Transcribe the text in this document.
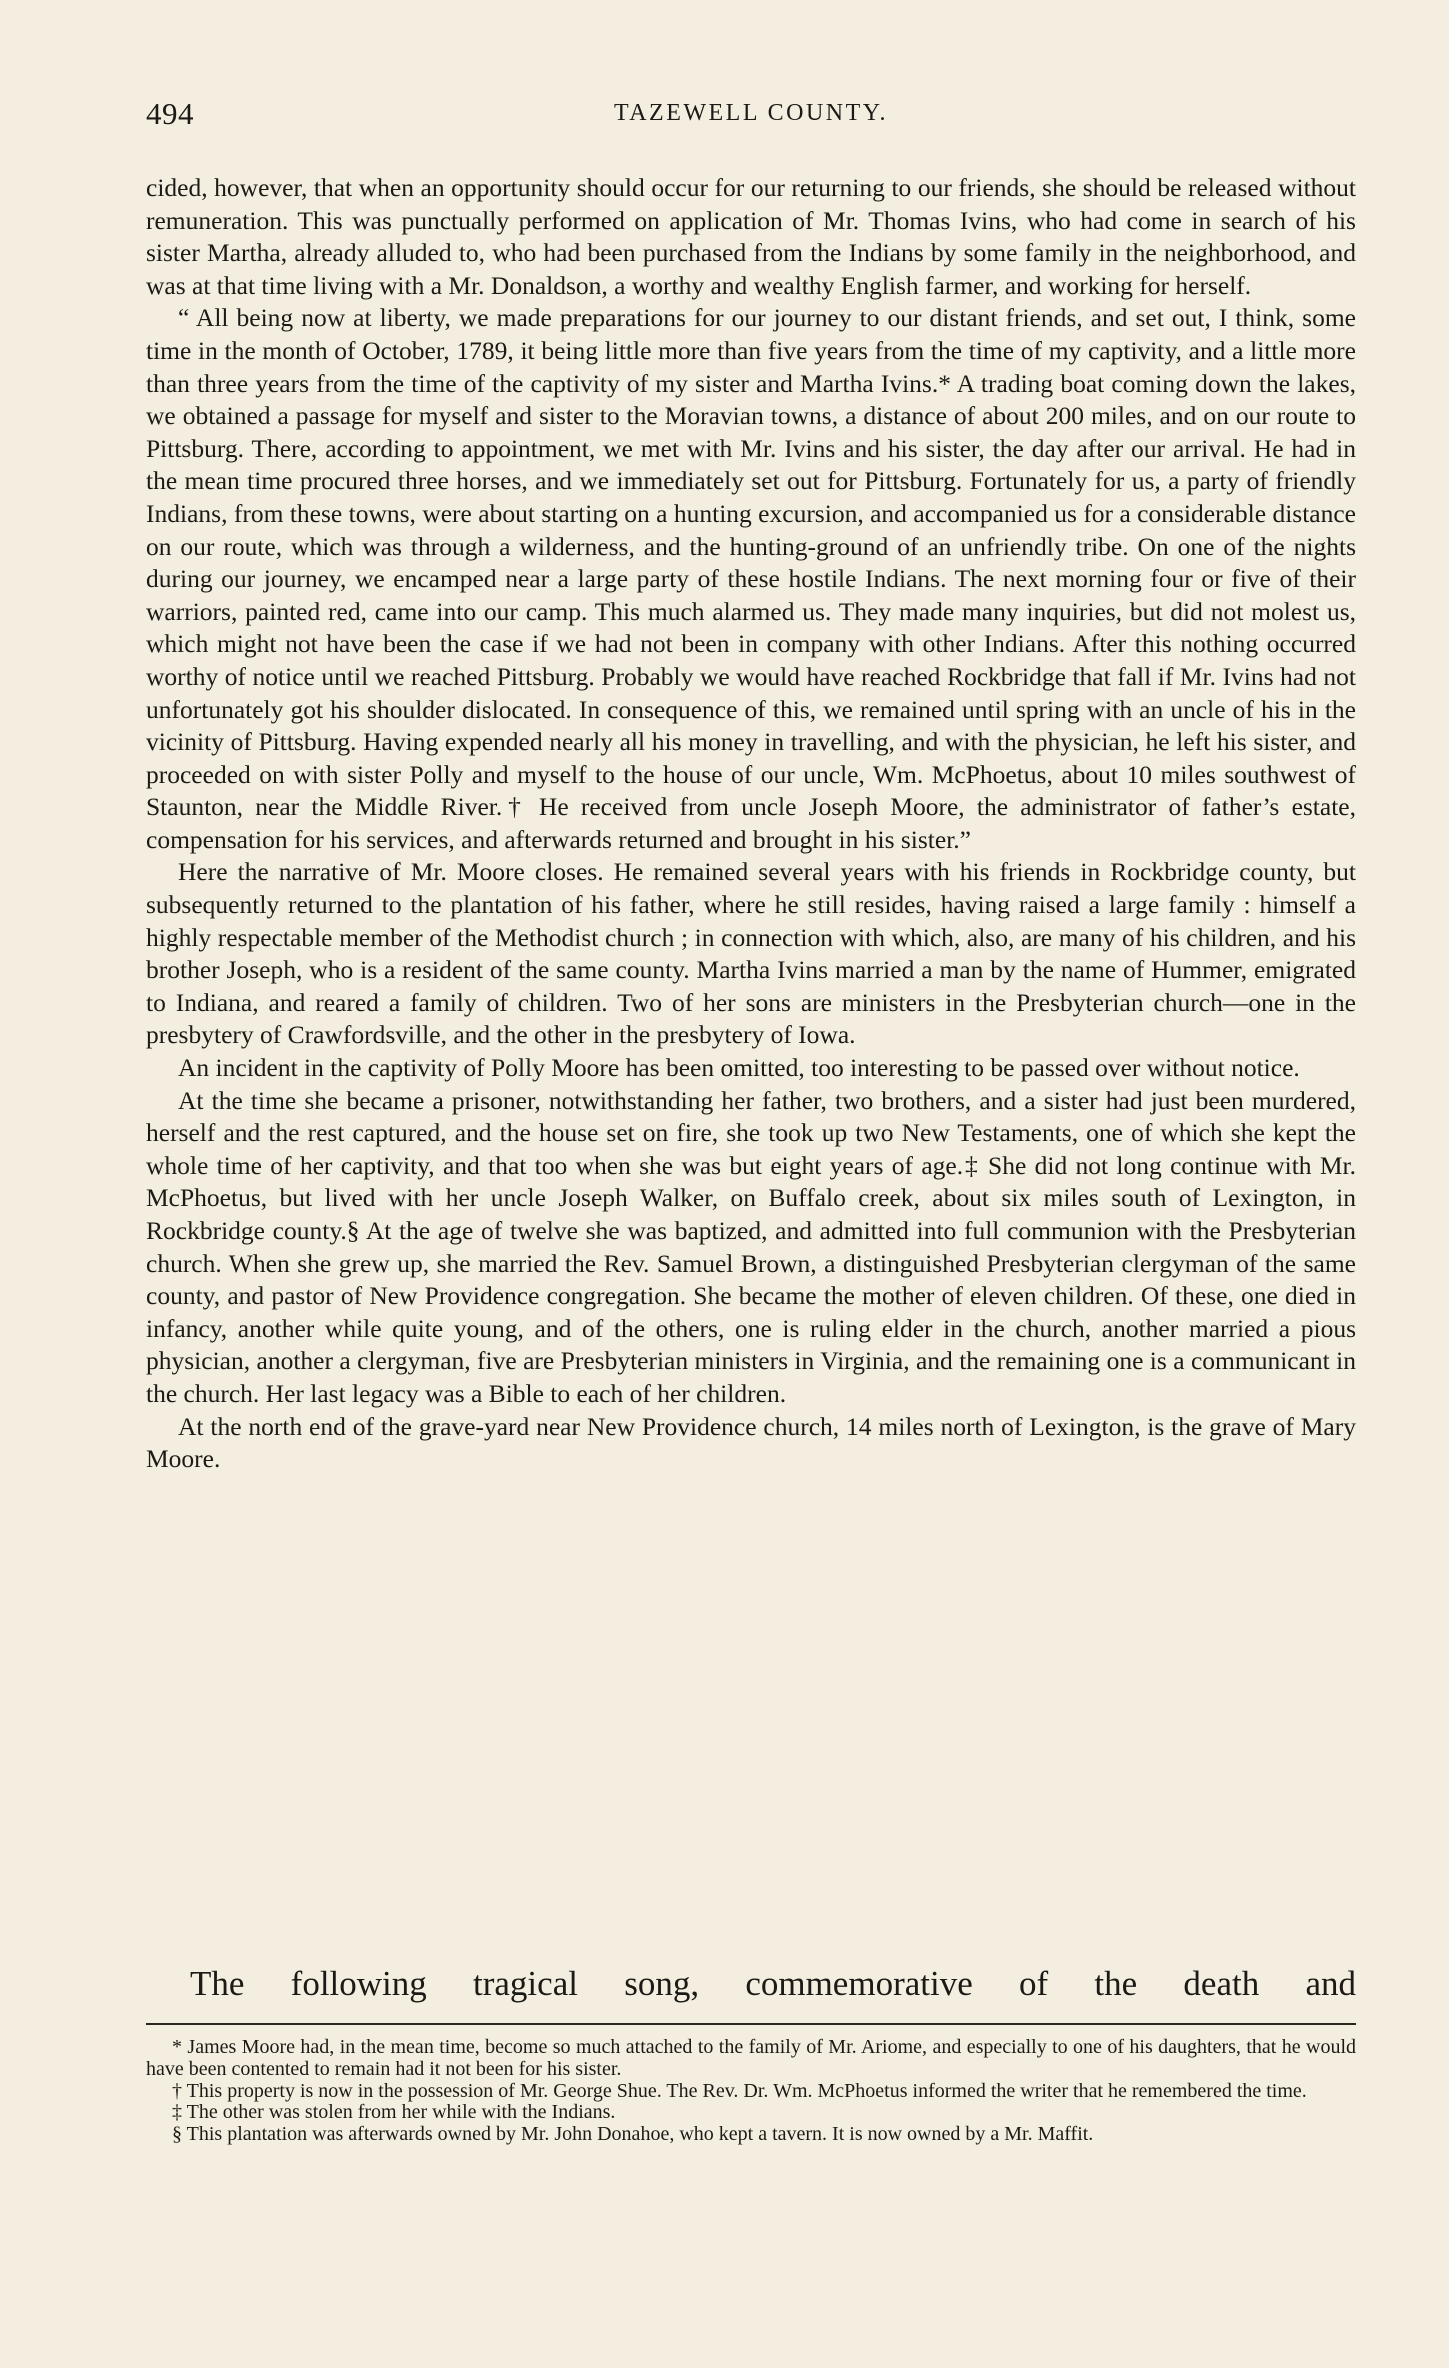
494	TAZEWELL COUNTY.

cided, however, that when an opportunity should occur for our returning to our friends, she should be released without remuneration. This was punctually performed on application of Mr. Thomas Ivins, who had come in search of his sister Martha, already alluded to, who had been purchased from the Indians by some family in the neighborhood, and was at that time living with a Mr. Donaldson, a worthy and wealthy English farmer, and working for herself.

“ All being now at liberty, we made preparations for our journey to our distant friends, and set out, I think, some time in the month of October, 1789, it being little more than five years from the time of my captivity, and a little more than three years from the time of the captivity of my sister and Martha Ivins.* A trading boat coming down the lakes, we obtained a passage for myself and sister to the Moravian towns, a distance of about 200 miles, and on our route to Pittsburg. There, according to appointment, we met with Mr. Ivins and his sister, the day after our arrival. He had in the mean time procured three horses, and we immediately set out for Pittsburg. Fortunately for us, a party of friendly Indians, from these towns, were about starting on a hunting excursion, and accompanied us for a considerable distance on our route, which was through a wilderness, and the hunting-ground of an unfriendly tribe. On one of the nights during our journey, we encamped near a large party of these hostile Indians. The next morning four or five of their warriors, painted red, came into our camp. This much alarmed us. They made many inquiries, but did not molest us, which might not have been the case if we had not been in company with other Indians. After this nothing occurred worthy of notice until we reached Pittsburg. Probably we would have reached Rockbridge that fall if Mr. Ivins had not unfortunately got his shoulder dislocated. In consequence of this, we remained until spring with an uncle of his in the vicinity of Pittsburg. Having expended nearly all his money in travelling, and with the physician, he left his sister, and proceeded on with sister Polly and myself to the house of our uncle, Wm. McPhoetus, about 10 miles southwest of Staunton, near the Middle River.† He received from uncle Joseph Moore, the administrator of father’s estate, compensation for his services, and afterwards returned and brought in his sister.”

Here the narrative of Mr. Moore closes. He remained several years with his friends in Rockbridge county, but subsequently returned to the plantation of his father, where he still resides, having raised a large family : himself a highly respectable member of the Methodist church ; in connection with which, also, are many of his children, and his brother Joseph, who is a resident of the same county. Martha Ivins married a man by the name of Hummer, emigrated to Indiana, and reared a family of children. Two of her sons are ministers in the Presbyterian church—one in the presbytery of Crawfordsville, and the other in the presbytery of Iowa.

An incident in the captivity of Polly Moore has been omitted, too interesting to be passed over without notice.

At the time she became a prisoner, notwithstanding her father, two brothers, and a sister had just been murdered, herself and the rest captured, and the house set on fire, she took up two New Testaments, one of which she kept the whole time of her captivity, and that too when she was but eight years of age.‡ She did not long continue with Mr. McPhoetus, but lived with her uncle Joseph Walker, on Buffalo creek, about six miles south of Lexington, in Rockbridge county.§ At the age of twelve she was baptized, and admitted into full communion with the Presbyterian church. When she grew up, she married the Rev. Samuel Brown, a distinguished Presbyterian clergyman of the same county, and pastor of New Providence congregation. She became the mother of eleven children. Of these, one died in infancy, another while quite young, and of the others, one is ruling elder in the church, another married a pious physician, another a clergyman, five are Presbyterian ministers in Virginia, and the remaining one is a communicant in the church. Her last legacy was a Bible to each of her children.

At the north end of the grave-yard near New Providence church, 14 miles north of Lexington, is the grave of Mary Moore.

The following tragical song, commemorative of the death and

* James Moore had, in the mean time, become so much attached to the family of Mr. Ariome, and especially to one of his daughters, that he would have been contented to remain had it not been for his sister.

† This property is now in the possession of Mr. George Shue. The Rev. Dr. Wm. McPhoetus informed the writer that he remembered the time.

‡ The other was stolen from her while with the Indians.

§ This plantation was afterwards owned by Mr. John Donahoe, who kept a tavern. It is now owned by a Mr. Maffit.
